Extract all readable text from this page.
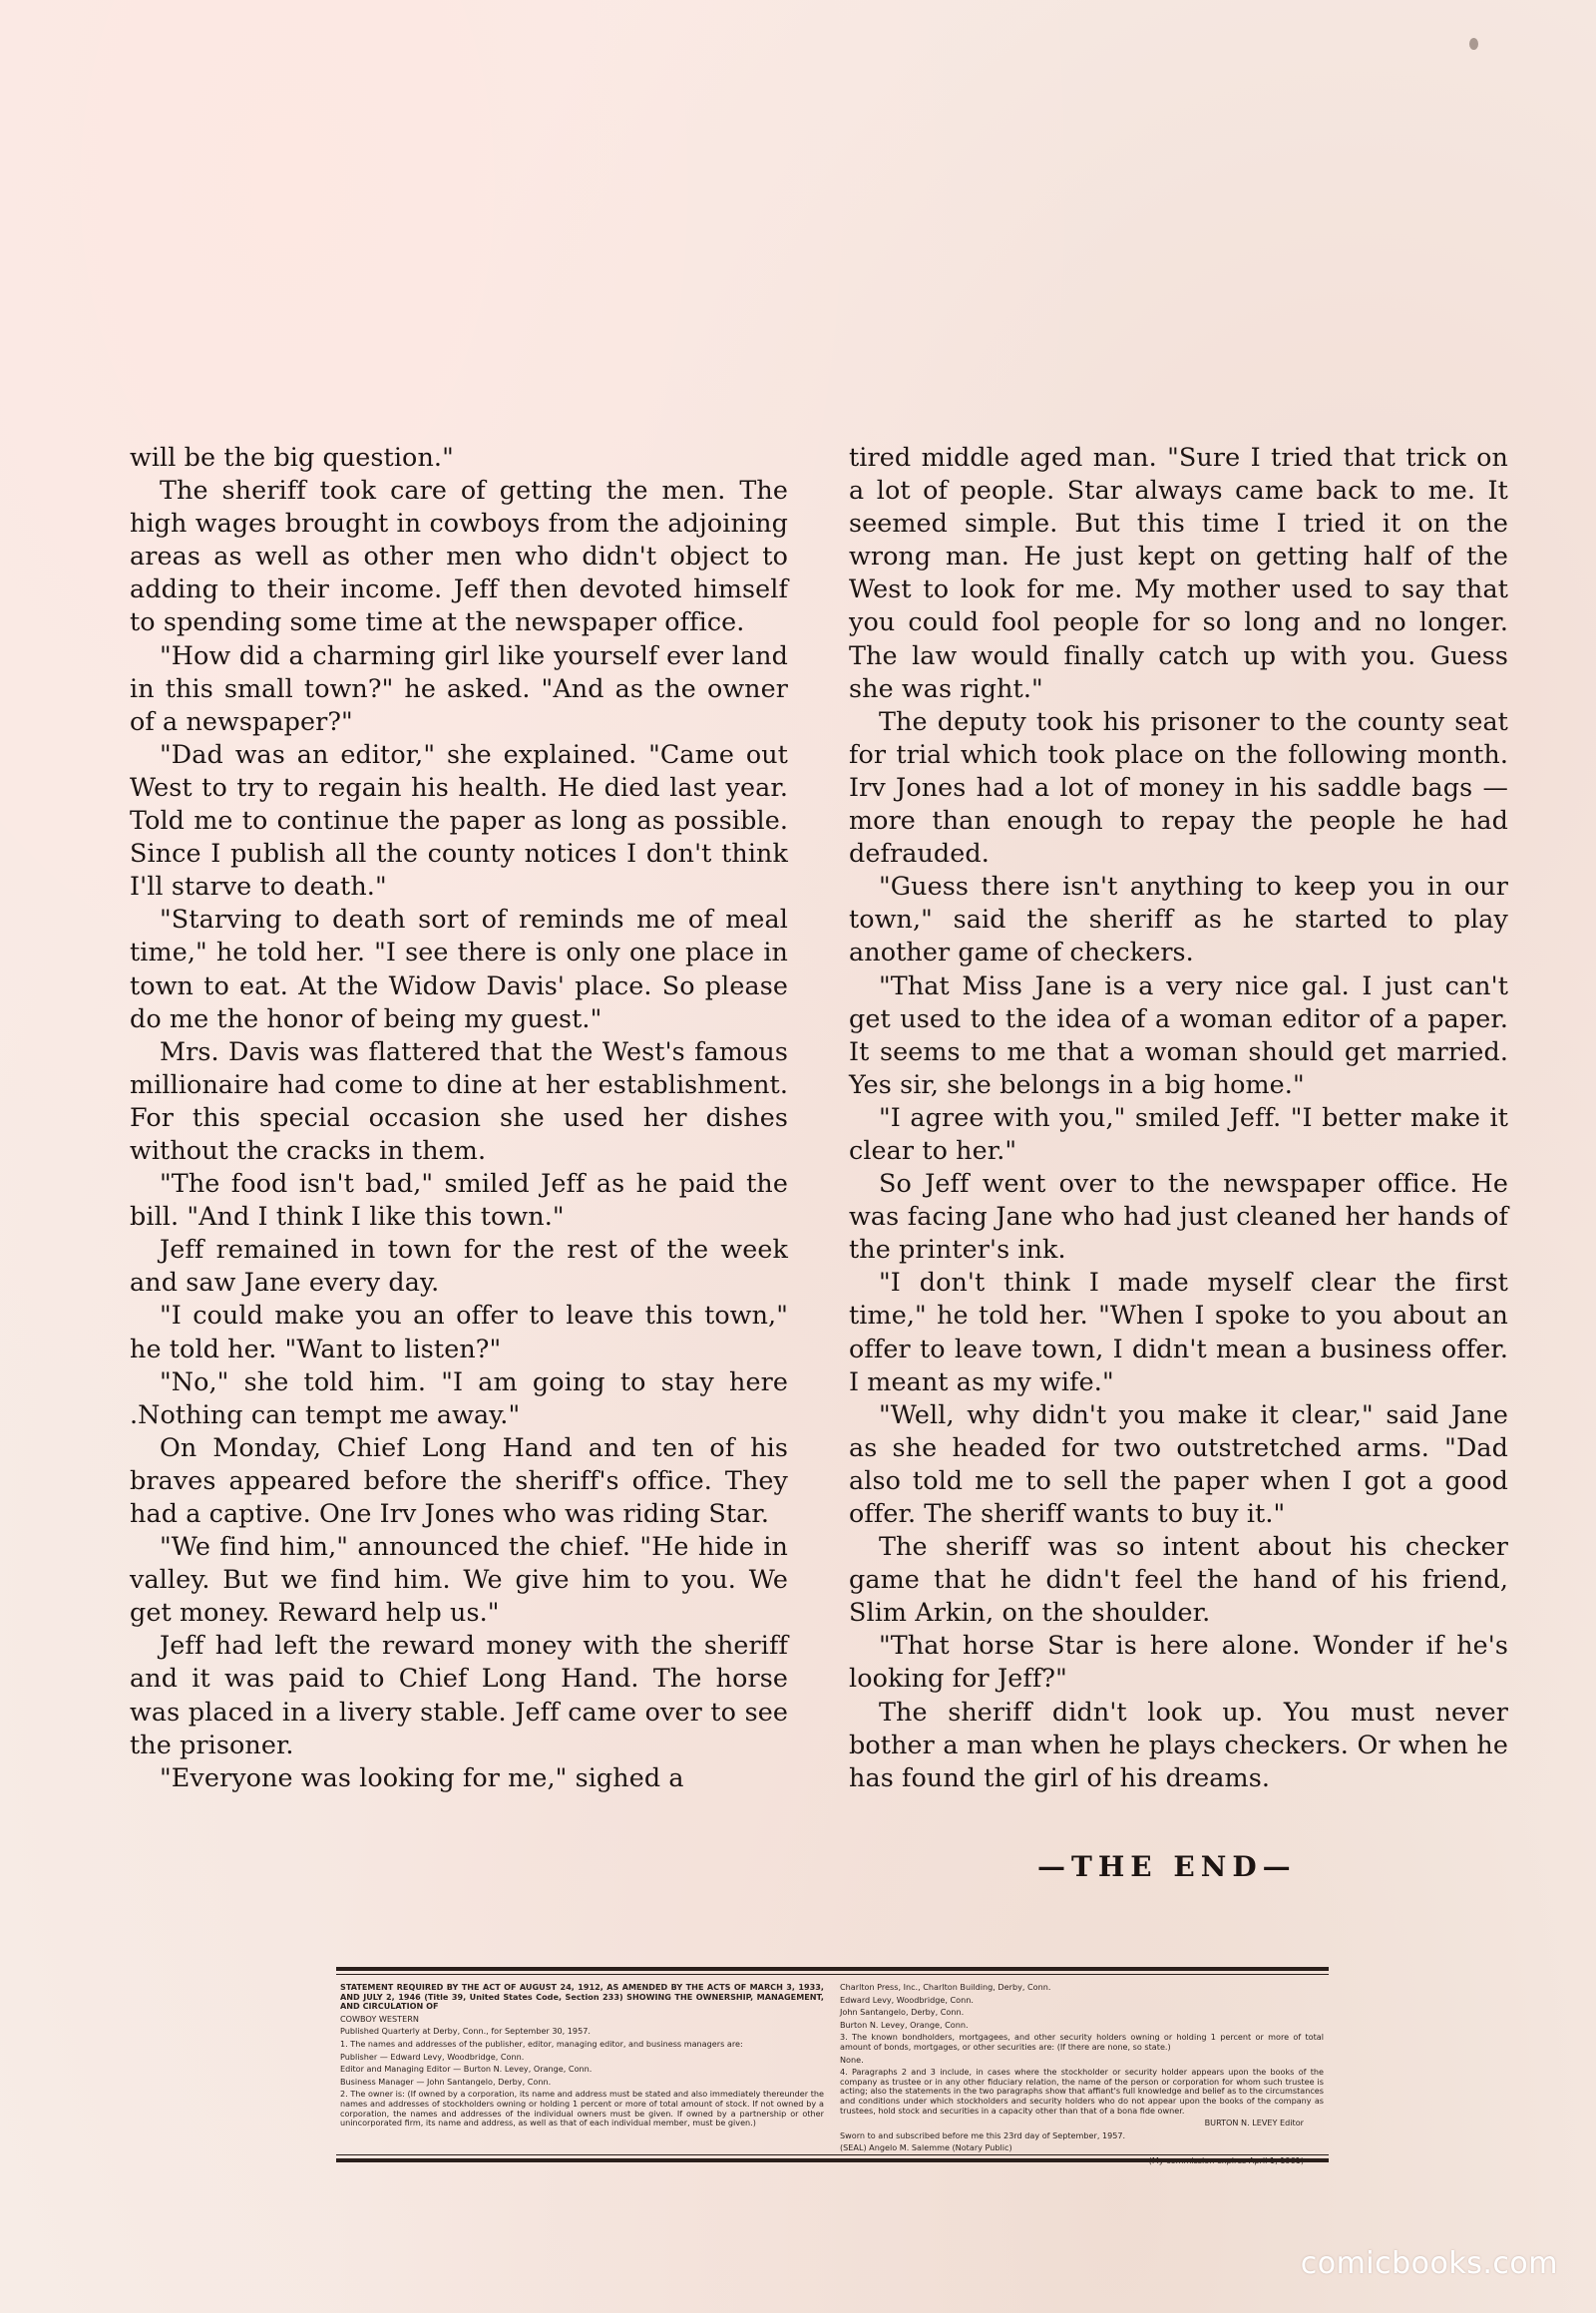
will be the big question."

The sheriff took care of getting the men. The high wages brought in cowboys from the adjoining areas as well as other men who didn't object to adding to their income. Jeff then devoted himself to spending some time at the newspaper office.

"How did a charming girl like yourself ever land in this small town?" he asked. "And as the owner of a newspaper?"

"Dad was an editor," she explained. "Came out West to try to regain his health. He died last year. Told me to continue the paper as long as possible. Since I publish all the county notices I don't think I'll starve to death."

"Starving to death sort of reminds me of meal time," he told her. "I see there is only one place in town to eat. At the Widow Davis' place. So please do me the honor of being my guest."

Mrs. Davis was flattered that the West's famous millionaire had come to dine at her establishment. For this special occasion she used her dishes without the cracks in them.

"The food isn't bad," smiled Jeff as he paid the bill. "And I think I like this town."

Jeff remained in town for the rest of the week and saw Jane every day.

"I could make you an offer to leave this town," he told her. "Want to listen?"

"No," she told him. "I am going to stay here .Nothing can tempt me away."

On Monday, Chief Long Hand and ten of his braves appeared before the sheriff's office. They had a captive. One Irv Jones who was riding Star.

"We find him," announced the chief. "He hide in valley. But we find him. We give him to you. We get money. Reward help us."

Jeff had left the reward money with the sheriff and it was paid to Chief Long Hand. The horse was placed in a livery stable. Jeff came over to see the prisoner.

"Everyone was looking for me," sighed a

tired middle aged man. "Sure I tried that trick on a lot of people. Star always came back to me. It seemed simple. But this time I tried it on the wrong man. He just kept on getting half of the West to look for me. My mother used to say that you could fool people for so long and no longer. The law would finally catch up with you. Guess she was right."

The deputy took his prisoner to the county seat for trial which took place on the following month. Irv Jones had a lot of money in his saddle bags — more than enough to repay the people he had defrauded.

"Guess there isn't anything to keep you in our town," said the sheriff as he started to play another game of checkers.

"That Miss Jane is a very nice gal. I just can't get used to the idea of a woman editor of a paper. It seems to me that a woman should get married. Yes sir, she belongs in a big home."

"I agree with you," smiled Jeff. "I better make it clear to her."

So Jeff went over to the newspaper office. He was facing Jane who had just cleaned her hands of the printer's ink.

"I don't think I made myself clear the first time," he told her. "When I spoke to you about an offer to leave town, I didn't mean a business offer. I meant as my wife."

"Well, why didn't you make it clear," said Jane as she headed for two outstretched arms. "Dad also told me to sell the paper when I got a good offer. The sheriff wants to buy it."

The sheriff was so intent about his checker game that he didn't feel the hand of his friend, Slim Arkin, on the shoulder.

"That horse Star is here alone. Wonder if he's looking for Jeff?"

The sheriff didn't look up. You must never bother a man when he plays checkers. Or when he has found the girl of his dreams.

—THE END—

STATEMENT REQUIRED BY THE ACT OF AUGUST 24, 1912, AS AMENDED BY THE ACTS OF MARCH 3, 1933, AND JULY 2, 1946 (Title 39, United States Code, Section 233) SHOWING THE OWNERSHIP, MANAGEMENT, AND CIRCULATION OF

COWBOY WESTERN

Published Quarterly at Derby, Conn., for September 30, 1957.

1. The names and addresses of the publisher, editor, managing editor, and business managers are:

Publisher — Edward Levy, Woodbridge, Conn.

Editor and Managing Editor — Burton N. Levey, Orange, Conn.

Business Manager — John Santangelo, Derby, Conn.

2. The owner is: (If owned by a corporation, its name and address must be stated and also immediately thereunder the names and addresses of stockholders owning or holding 1 percent or more of total amount of stock. If not owned by a corporation, the names and addresses of the individual owners must be given. If owned by a partnership or other unincorporated firm, its name and address, as well as that of each individual member, must be given.)

Charlton Press, Inc., Charlton Building, Derby, Conn.

Edward Levy, Woodbridge, Conn.

John Santangelo, Derby, Conn.

Burton N. Levey, Orange, Conn.

3. The known bondholders, mortgagees, and other security holders owning or holding 1 percent or more of total amount of bonds, mortgages, or other securities are: (If there are none, so state.)

None.

4. Paragraphs 2 and 3 include, in cases where the stockholder or security holder appears upon the books of the company as trustee or in any other fiduciary relation, the name of the person or corporation for whom such trustee is acting; also the statements in the two paragraphs show that affiant's full knowledge and belief as to the circumstances and conditions under which stockholders and security holders who do not appear upon the books of the company as trustees, hold stock and securities in a capacity other than that of a bona fide owner.

BURTON N. LEVEY Editor

Sworn to and subscribed before me this 23rd day of September, 1957.

(SEAL) Angelo M. Salemme (Notary Public)

(My commission expires April 1, 1961)

comicbooks.com
